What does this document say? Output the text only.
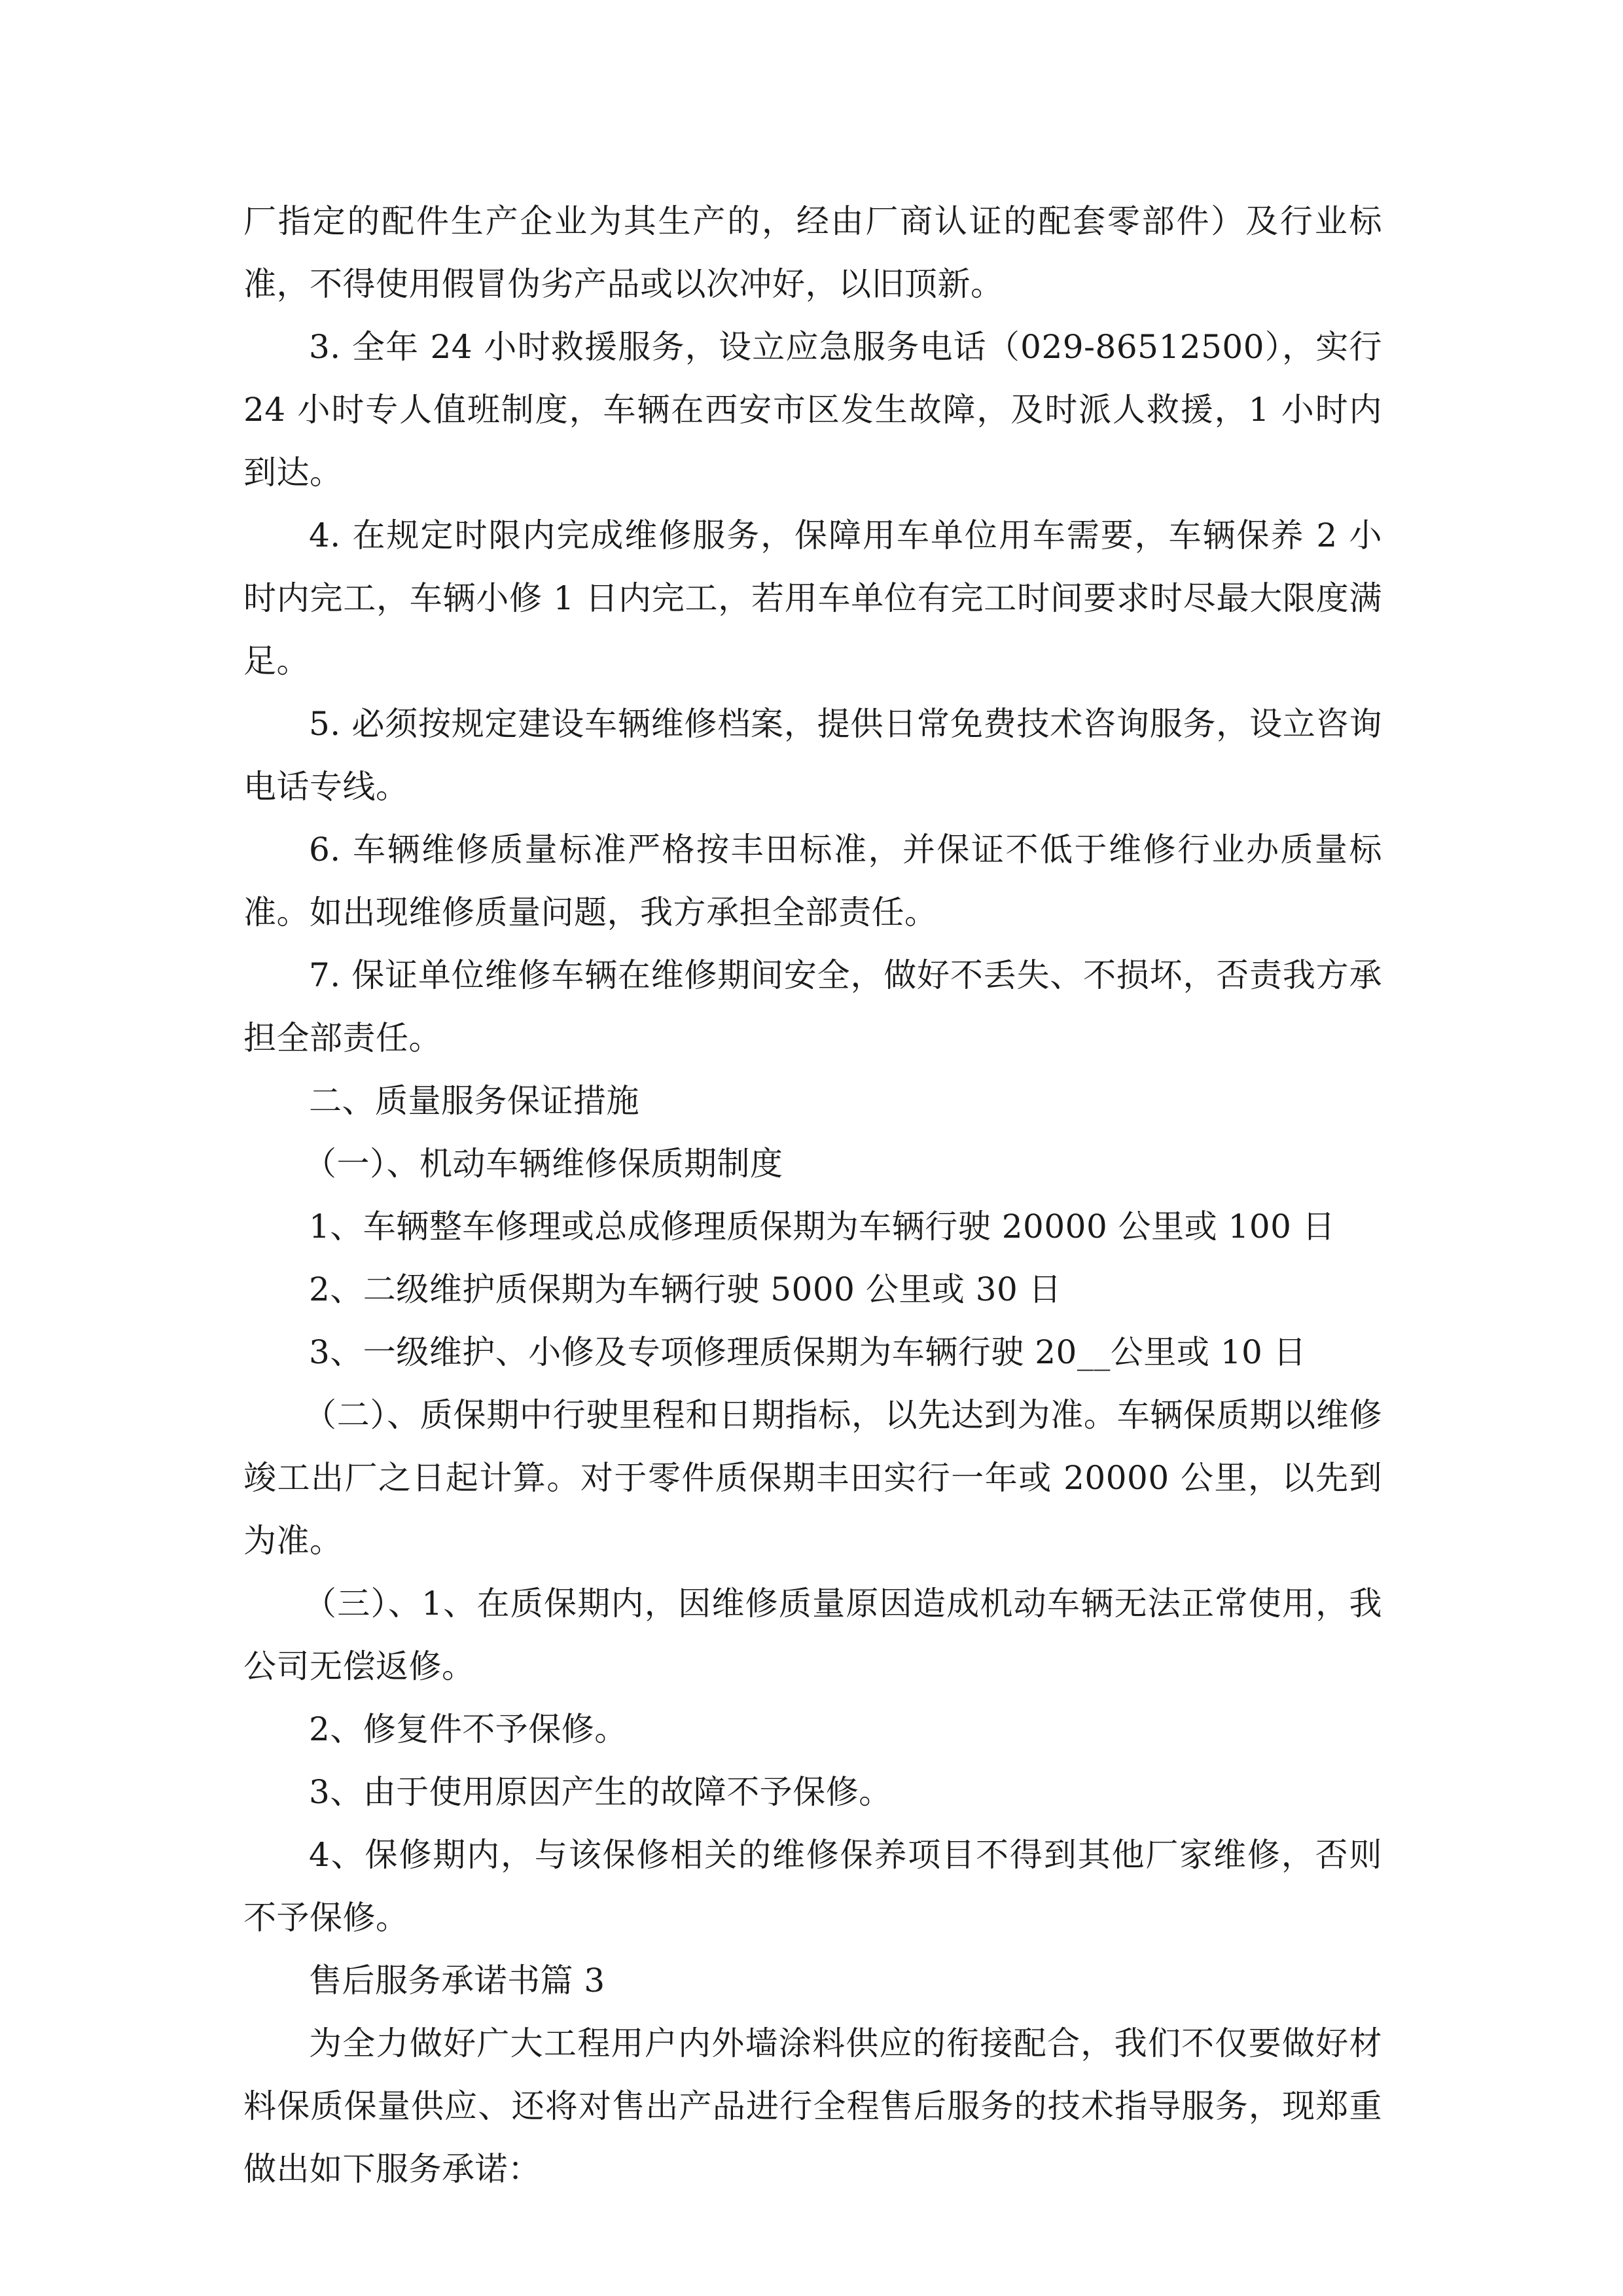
厂指定的配件生产企业为其生产的，经由厂商认证的配套零部件）及行业标准，不得使用假冒伪劣产品或以次冲好，以旧顶新。

3. 全年 24 小时救援服务，设立应急服务电话（029-86512500），实行 24 小时专人值班制度，车辆在西安市区发生故障，及时派人救援，1 小时内到达。

4. 在规定时限内完成维修服务，保障用车单位用车需要，车辆保养 2 小时内完工，车辆小修 1 日内完工，若用车单位有完工时间要求时尽最大限度满足。

5. 必须按规定建设车辆维修档案，提供日常免费技术咨询服务，设立咨询电话专线。

6. 车辆维修质量标准严格按丰田标准，并保证不低于维修行业办质量标准。如出现维修质量问题，我方承担全部责任。

7. 保证单位维修车辆在维修期间安全，做好不丢失、不损坏，否责我方承担全部责任。

二、质量服务保证措施

（一）、机动车辆维修保质期制度

1、车辆整车修理或总成修理质保期为车辆行驶 20000 公里或 100 日

2、二级维护质保期为车辆行驶 5000 公里或 30 日

3、一级维护、小修及专项修理质保期为车辆行驶 20__公里或 10 日

（二）、质保期中行驶里程和日期指标，以先达到为准。车辆保质期以维修竣工出厂之日起计算。对于零件质保期丰田实行一年或 20000 公里，以先到为准。

（三）、1、在质保期内，因维修质量原因造成机动车辆无法正常使用，我公司无偿返修。

2、修复件不予保修。

3、由于使用原因产生的故障不予保修。

4、保修期内，与该保修相关的维修保养项目不得到其他厂家维修，否则不予保修。

售后服务承诺书篇 3

为全力做好广大工程用户内外墙涂料供应的衔接配合，我们不仅要做好材料保质保量供应、还将对售出产品进行全程售后服务的技术指导服务，现郑重做出如下服务承诺：
